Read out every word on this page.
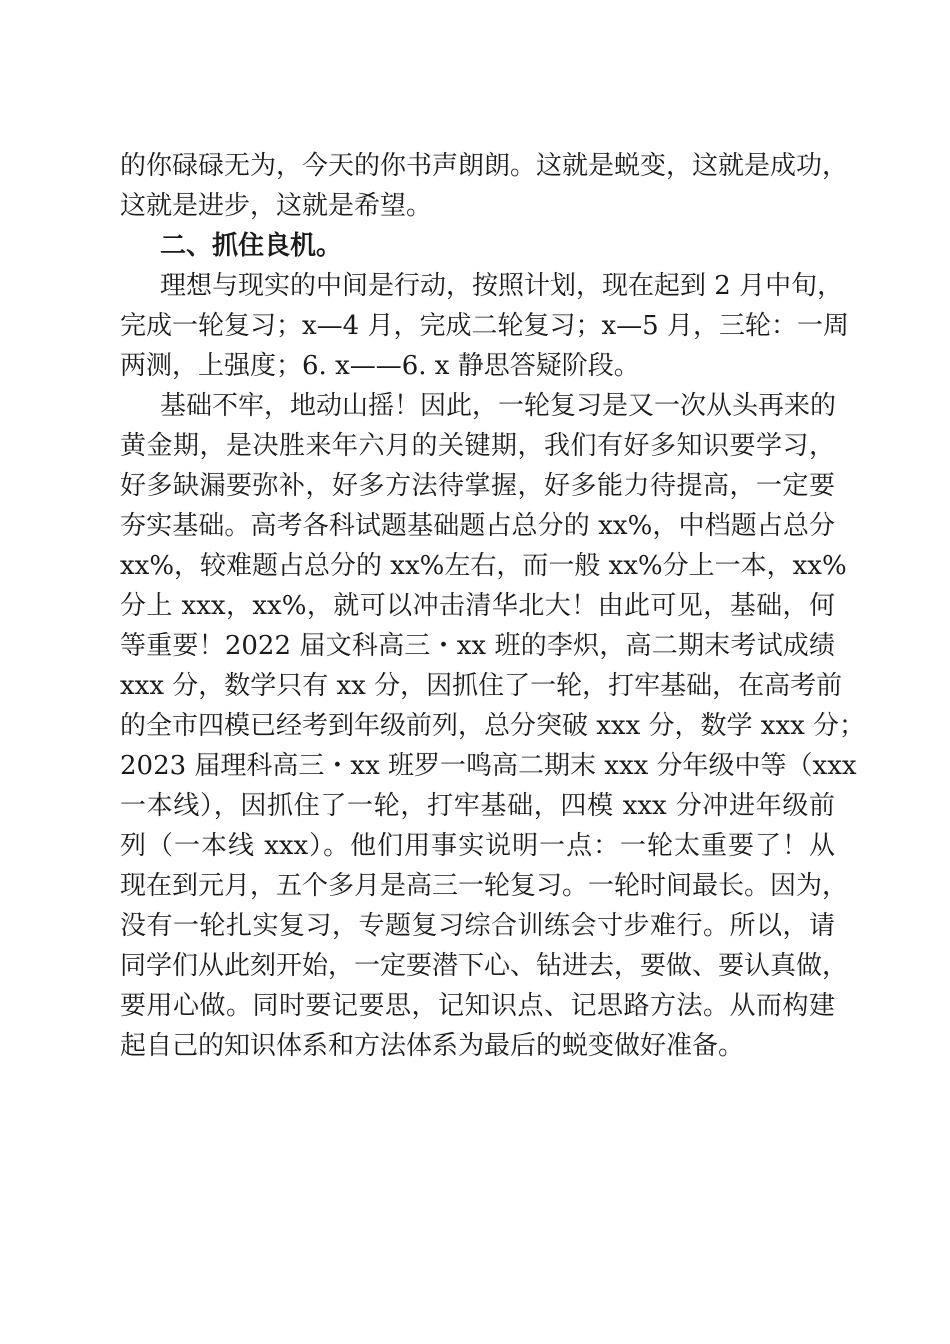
的你碌碌无为，今天的你书声朗朗。这就是蜕变，这就是成功，
这就是进步，这就是希望。
二、抓住良机。
理想与现实的中间是行动，按照计划，现在起到 2 月中旬，
完成一轮复习；x—4 月，完成二轮复习；x—5 月，三轮：一周
两测，上强度；6. x——6. x 静思答疑阶段。
基础不牢，地动山摇！因此，一轮复习是又一次从头再来的
黄金期，是决胜来年六月的关键期，我们有好多知识要学习，
好多缺漏要弥补，好多方法待掌握，好多能力待提高，一定要
夯实基础。高考各科试题基础题占总分的 xx%，中档题占总分
xx%，较难题占总分的 xx%左右，而一般 xx%分上一本，xx%
分上 xxx，xx%，就可以冲击清华北大！由此可见，基础，何
等重要！2022 届文科高三・xx 班的李炽，高二期末考试成绩
xxx 分，数学只有 xx 分，因抓住了一轮，打牢基础，在高考前
的全市四模已经考到年级前列，总分突破 xxx 分，数学 xxx 分；
2023 届理科高三・xx 班罗一鸣高二期末 xxx 分年级中等（xxx
一本线），因抓住了一轮，打牢基础，四模 xxx 分冲进年级前
列（一本线 xxx）。他们用事实说明一点：一轮太重要了！从
现在到元月，五个多月是高三一轮复习。一轮时间最长。因为，
没有一轮扎实复习，专题复习综合训练会寸步难行。所以，请
同学们从此刻开始，一定要潜下心、钻进去，要做、要认真做，
要用心做。同时要记要思，记知识点、记思路方法。从而构建
起自己的知识体系和方法体系为最后的蜕变做好准备。
